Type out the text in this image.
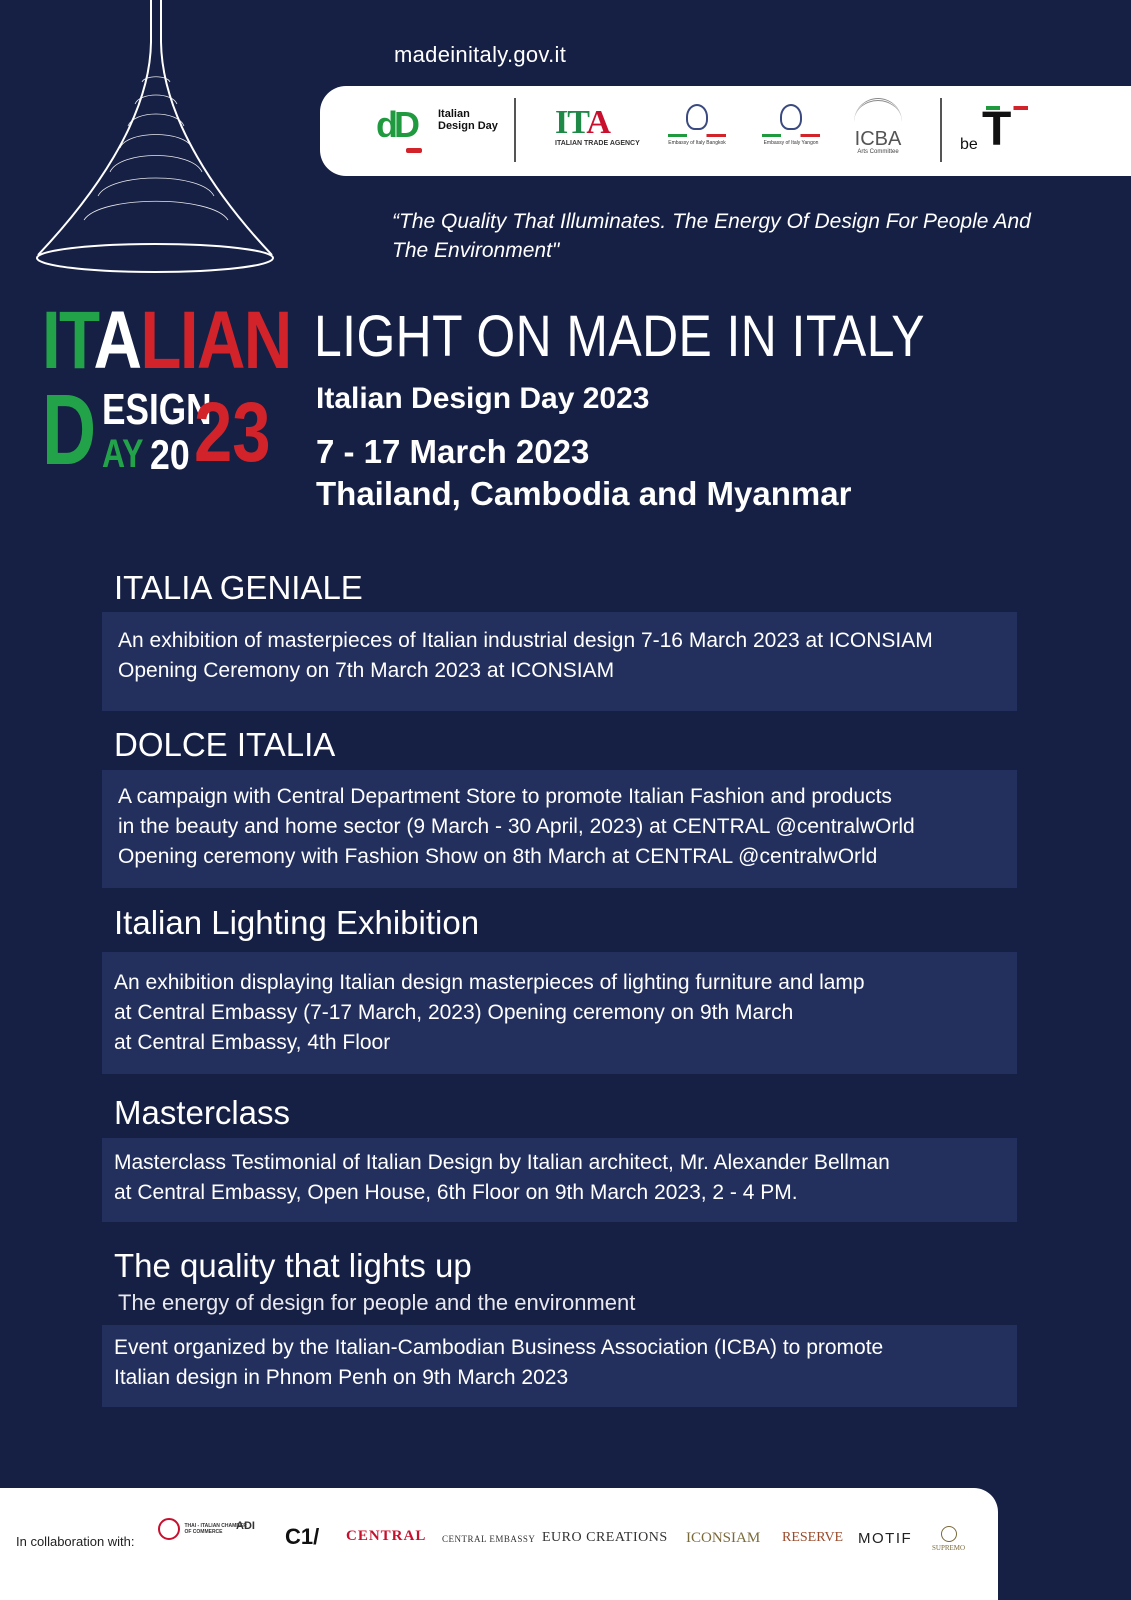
madeinitaly.gov.it
dD Italian Design Day ITA
ITALIAN TRADE AGENCY	Embassy of Italy Bangkok	Embassy of Italy Yangon ICBA
Arts Committee	be T
“The Quality That Illuminates. The Energy Of Design For People And The Environment"
ITALIAN
D ESIGN
AY 20 23
LIGHT ON MADE IN ITALY
Italian Design Day 2023
7 - 17 March 2023
Thailand, Cambodia and Myanmar
ITALIA GENIALE

An exhibition of masterpieces of Italian industrial design 7-16 March 2023 at ICONSIAM

Opening Ceremony on 7th March 2023 at ICONSIAM

DOLCE ITALIA

A campaign with Central Department Store to promote Italian Fashion and products

in the beauty and home sector (9 March - 30 April, 2023) at CENTRAL @centralwOrld

Opening ceremony with Fashion Show on 8th March at CENTRAL @centralwOrld

Italian Lighting Exhibition

An exhibition displaying Italian design masterpieces of lighting furniture and lamp

at Central Embassy (7-17 March, 2023) Opening ceremony on 9th March

at Central Embassy, 4th Floor

Masterclass

Masterclass Testimonial of Italian Design by Italian architect, Mr. Alexander Bellman

at Central Embassy, Open House, 6th Floor on 9th March 2023, 2 - 4 PM.

The quality that lights up
The energy of design for people and the environment

Event organized by the Italian-Cambodian Business Association (ICBA) to promote

Italian design in Phnom Penh on 9th March 2023

In collaboration with:
THAI - ITALIAN CHAMBER OF COMMERCE	ADI C1/ CENTRAL CENTRAL EMBASSY EURO CREATIONS ICONSIAM RESERVE MOTIF
SUPREMO
